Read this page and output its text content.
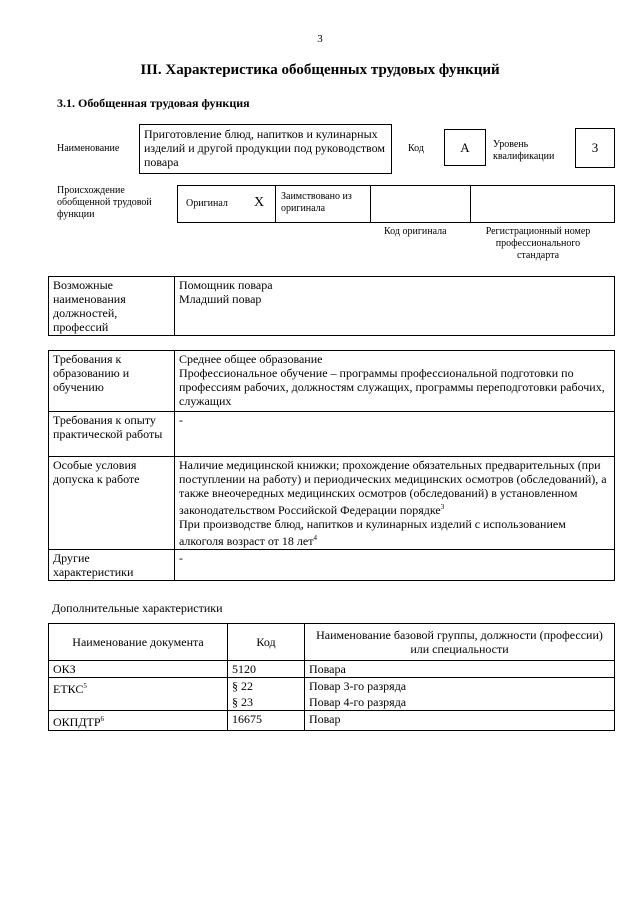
3
III. Характеристика обобщенных трудовых функций
3.1. Обобщенная трудовая функция
Наименование
Приготовление блюд, напитков и кулинарных изделий и другой продукции под руководством повара
Код	А	Уровень квалификации
3
Происхождение обобщенной трудовой функции
Оригинал X Заимствовано из оригинала
Код оригинала	Регистрационный номер профессионального стандарта
Возможные наименования должностей, профессий	
Помощник повара
Младший повар
Требования к образованию и обучению	Среднее общее образование
Профессиональное обучение – программы профессиональной подготовки по профессиям рабочих, должностям служащих, программы переподготовки рабочих, служащих

Требования к опыту практической работы	-
Особые условия допуска к работе	Наличие медицинской книжки; прохождение обязательных предварительных (при поступлении на работу) и периодических медицинских осмотров (обследований), а также внеочередных медицинских осмотров (обследований) в установленном законодательством Российской Федерации порядке$^3$
При производстве блюд, напитков и кулинарных изделий с использованием алкоголя возраст от 18 лет$^4$

Другие характеристики	-
Дополнительные характеристики
Наименование документа	Код	Наименование базовой группы, должности (профессии) или специальности
ОКЗ	5120	Повара
ЕТКС$^5$	§ 22	Повар 3-го разряда
	§ 23	Повар 4-го разряда
ОКПДТР$^6$	16675	Повар
